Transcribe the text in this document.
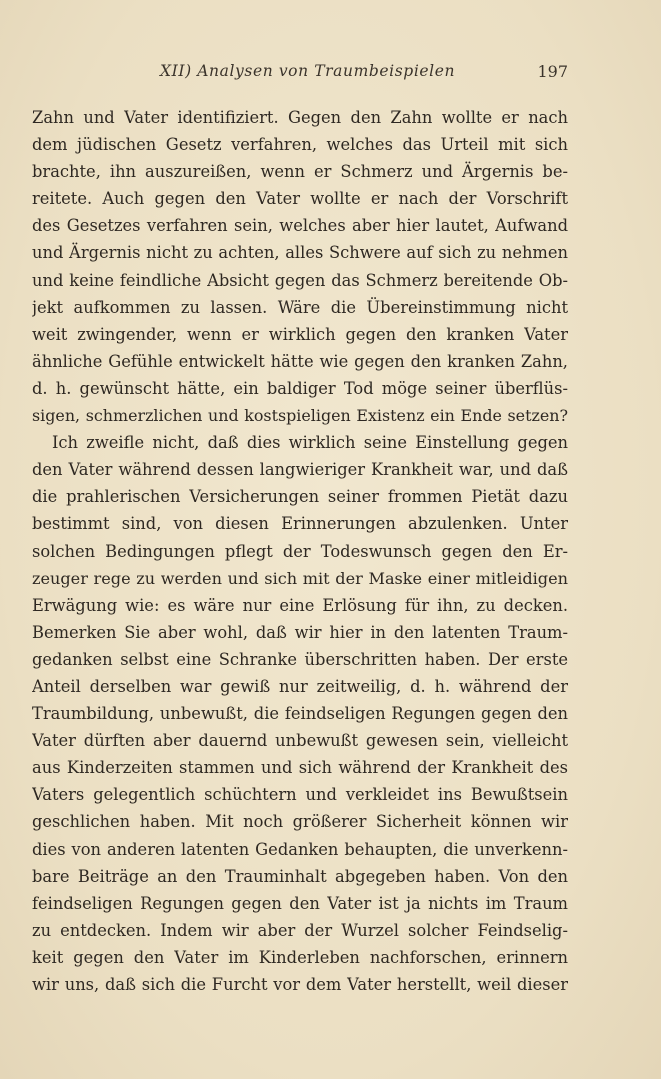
XII) Analysen von Traumbeispielen	197
Zahn und Vater identifiziert. Gegen den Zahn wollte er nach
dem jüdischen Gesetz verfahren, welches das Urteil mit sich
brachte, ihn auszureißen, wenn er Schmerz und Ärgernis be-
reitete. Auch gegen den Vater wollte er nach der Vorschrift
des Gesetzes verfahren sein, welches aber hier lautet, Aufwand
und Ärgernis nicht zu achten, alles Schwere auf sich zu nehmen
und keine feindliche Absicht gegen das Schmerz bereitende Ob-
jekt aufkommen zu lassen. Wäre die Übereinstimmung nicht
weit zwingender, wenn er wirklich gegen den kranken Vater
ähnliche Gefühle entwickelt hätte wie gegen den kranken Zahn,
d. h. gewünscht hätte, ein baldiger Tod möge seiner überflüs-
sigen, schmerzlichen und kostspieligen Existenz ein Ende setzen?
Ich zweifle nicht, daß dies wirklich seine Einstellung gegen
den Vater während dessen langwieriger Krankheit war, und daß
die prahlerischen Versicherungen seiner frommen Pietät dazu
bestimmt sind, von diesen Erinnerungen abzulenken. Unter
solchen Bedingungen pflegt der Todeswunsch gegen den Er-
zeuger rege zu werden und sich mit der Maske einer mitleidigen
Erwägung wie: es wäre nur eine Erlösung für ihn, zu decken.
Bemerken Sie aber wohl, daß wir hier in den latenten Traum-
gedanken selbst eine Schranke überschritten haben. Der erste
Anteil derselben war gewiß nur zeitweilig, d. h. während der
Traumbildung, unbewußt, die feindseligen Regungen gegen den
Vater dürften aber dauernd unbewußt gewesen sein, vielleicht
aus Kinderzeiten stammen und sich während der Krankheit des
Vaters gelegentlich schüchtern und verkleidet ins Bewußtsein
geschlichen haben. Mit noch größerer Sicherheit können wir
dies von anderen latenten Gedanken behaupten, die unverkenn-
bare Beiträge an den Trauminhalt abgegeben haben. Von den
feindseligen Regungen gegen den Vater ist ja nichts im Traum
zu entdecken. Indem wir aber der Wurzel solcher Feindselig-
keit gegen den Vater im Kinderleben nachforschen, erinnern
wir uns, daß sich die Furcht vor dem Vater herstellt, weil dieser
